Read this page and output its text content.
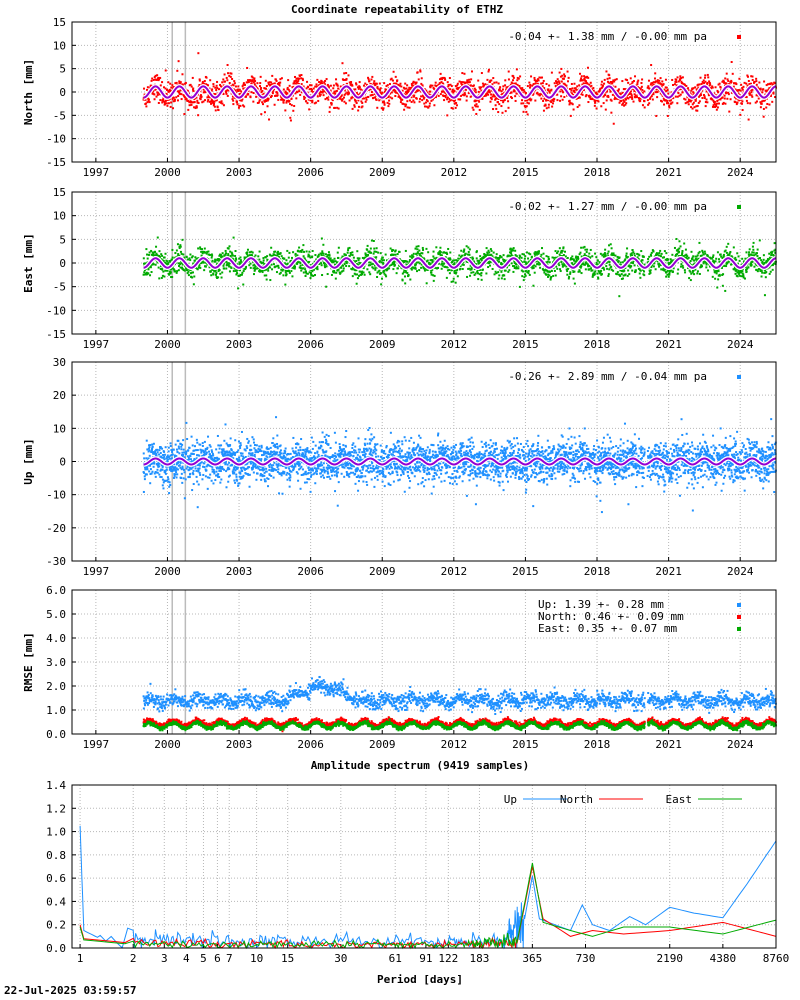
Coordinate repeatability of ETHZ
Amplitude spectrum (9419 samples)
Period [days]
1997	2000	2003	2006	2009	2012	2015	2018	2021	2024
-15
-10
-5
0
5
10
15
North [mm]
-0.04 +- 1.38 mm / -0.00 mm pa
1997	2000	2003	2006	2009	2012	2015	2018	2021	2024
-15
-10
-5
0
5
10
15
East [mm]
-0.02 +- 1.27 mm / -0.00 mm pa
1997	2000	2003	2006	2009	2012	2015	2018	2021	2024
-30
-20
-10
0
10
20
30
Up [mm]
-0.26 +- 2.89 mm / -0.04 mm pa
1997	2000	2003	2006	2009	2012	2015	2018	2021	2024
0.0
1.0
2.0
3.0
4.0
5.0
6.0
RMSE [mm]
Up: 1.39 +- 0.28 mm
North: 0.46 +- 0.09 mm
East: 0.35 +- 0.07 mm
1	2 3 4 5 6 7 10 15	30	61 91 122 183	365	730	2190 4380 8760
0.0
0.2
0.4
0.6
0.8
1.0
1.2
1.4
Up	North	East
22-Jul-2025 03:59:57
